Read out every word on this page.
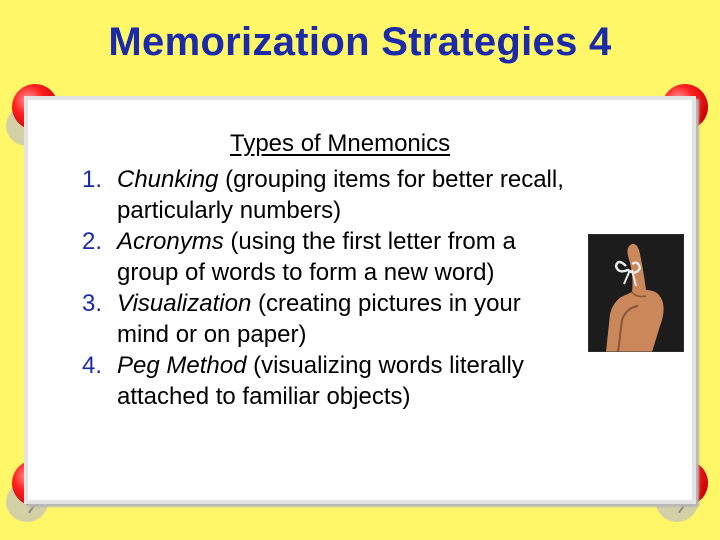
Memorization Strategies 4
Types of Mnemonics
1. Chunking (grouping items for better recall,
particularly numbers)
2. Acronyms (using the first letter from a
group of words to form a new word)
3. Visualization (creating pictures in your
mind or on paper)
4. Peg Method (visualizing words literally
attached to familiar objects)
